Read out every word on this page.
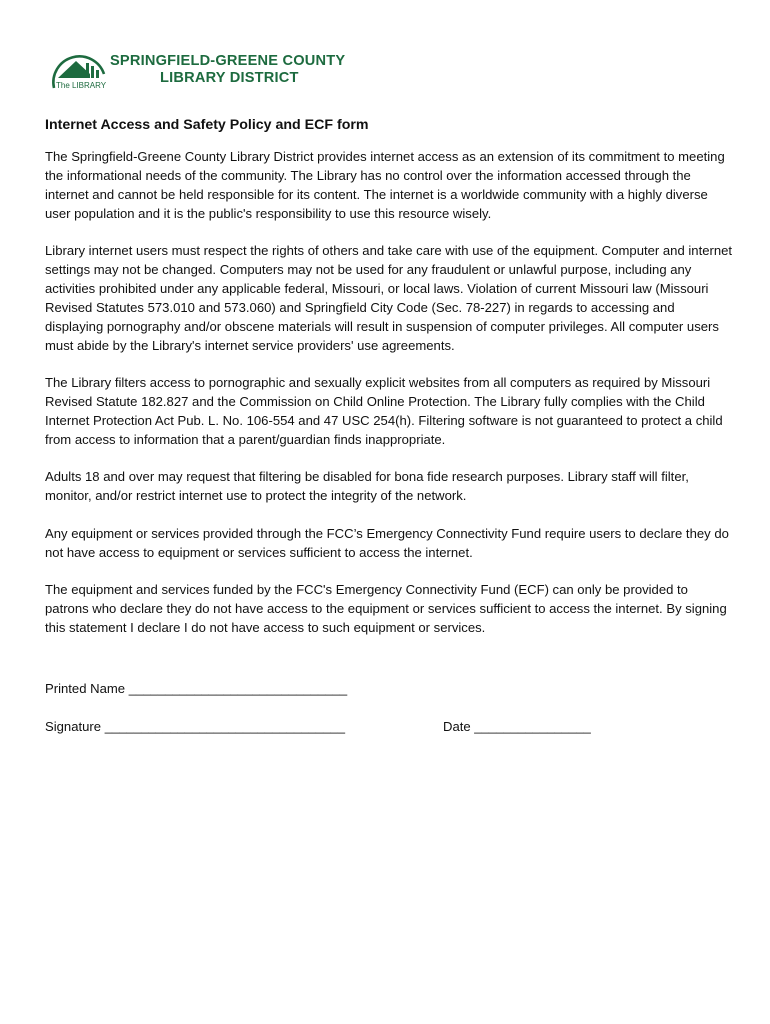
The LIBRARY
SPRINGFIELD-GREENE COUNTY
LIBRARY DISTRICT
Internet Access and Safety Policy and ECF form

The Springfield-Greene County Library District provides internet access as an extension of its commitment to meeting the informational needs of the community. The Library has no control over the information accessed through the internet and cannot be held responsible for its content. The internet is a worldwide community with a highly diverse user population and it is the public's responsibility to use this resource wisely.

Library internet users must respect the rights of others and take care with use of the equipment. Computer and internet settings may not be changed. Computers may not be used for any fraudulent or unlawful purpose, including any activities prohibited under any applicable federal, Missouri, or local laws. Violation of current Missouri law (Missouri Revised Statutes 573.010 and 573.060) and Springfield City Code (Sec. 78-227) in regards to accessing and displaying pornography and/or obscene materials will result in suspension of computer privileges. All computer users must abide by the Library's internet service providers' use agreements.

The Library filters access to pornographic and sexually explicit websites from all computers as required by Missouri Revised Statute 182.827 and the Commission on Child Online Protection. The Library fully complies with the Child Internet Protection Act Pub. L. No. 106-554 and 47 USC 254(h). Filtering software is not guaranteed to protect a child from access to information that a parent/guardian finds inappropriate.

Adults 18 and over may request that filtering be disabled for bona fide research purposes. Library staff will filter, monitor, and/or restrict internet use to protect the integrity of the network.

Any equipment or services provided through the FCC’s Emergency Connectivity Fund require users to declare they do not have access to equipment or services sufficient to access the internet.

The equipment and services funded by the FCC's Emergency Connectivity Fund (ECF) can only be provided to patrons who declare they do not have access to the equipment or services sufficient to access the internet. By signing this statement I declare I do not have access to such equipment or services.

Printed Name ______________________________
Signature _________________________________	Date ________________
